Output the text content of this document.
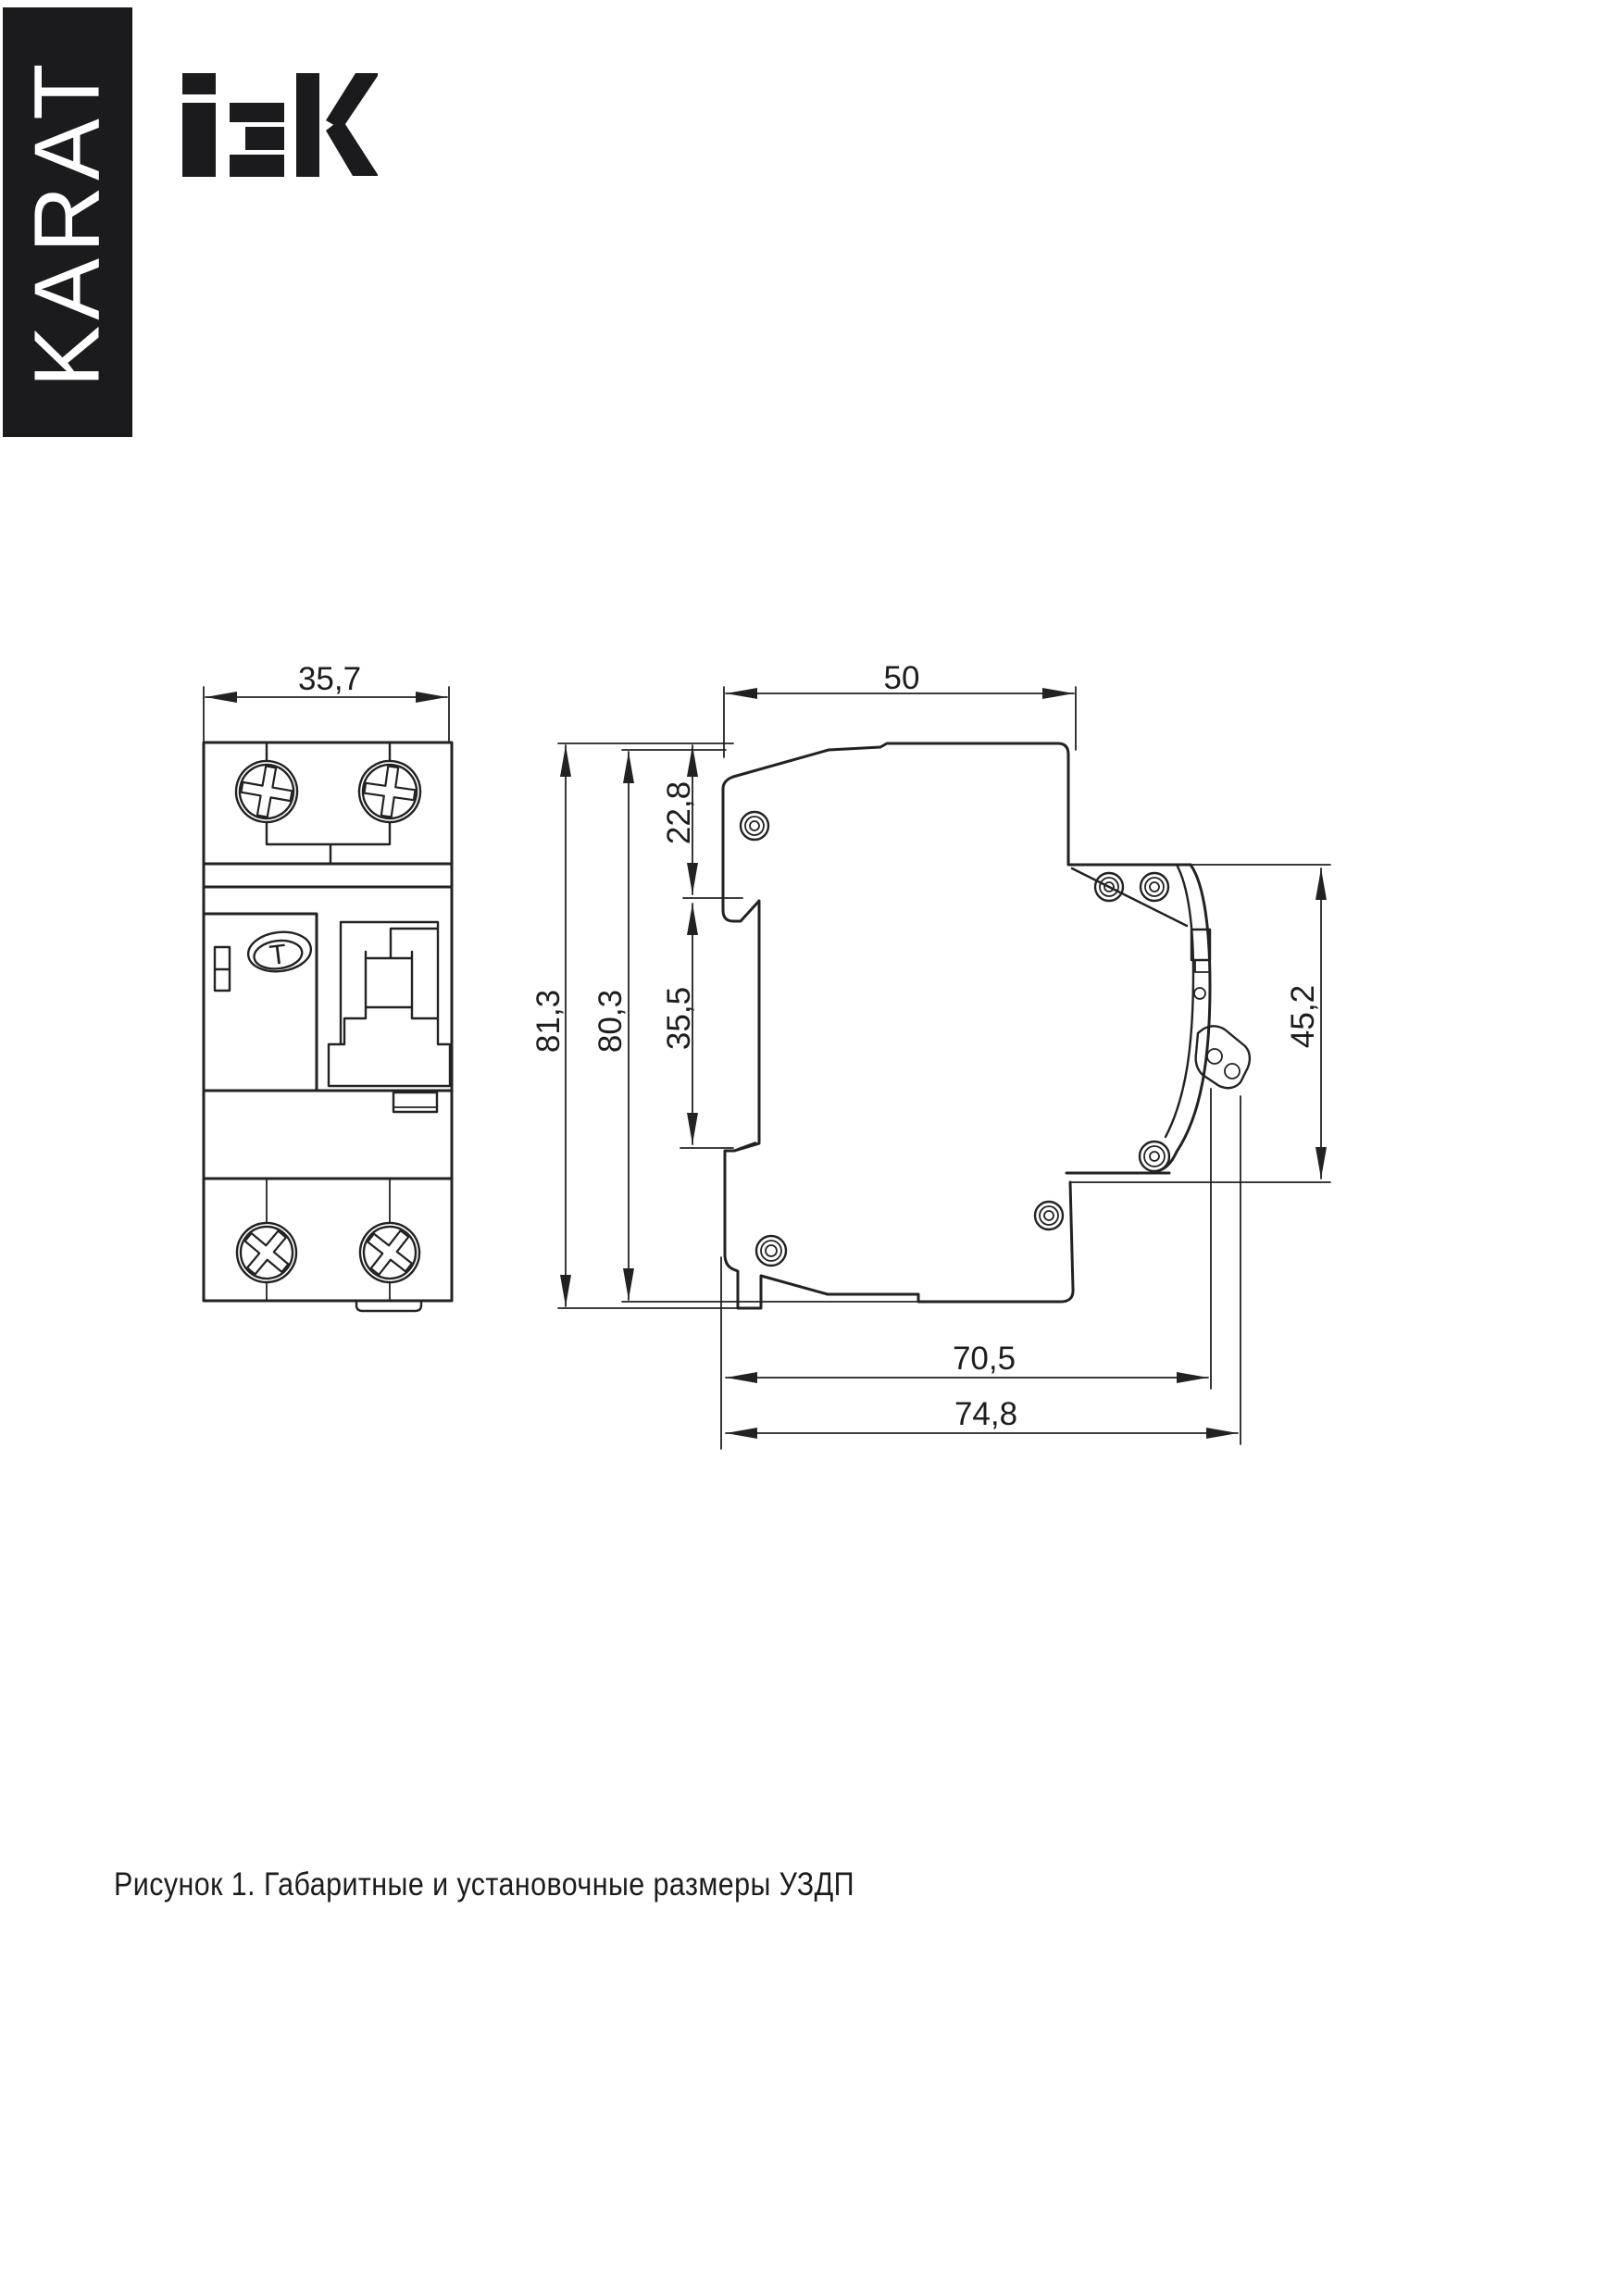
KARAT
T
35,7	50
81,3 80,3
22,8
35,5	45,2
70,5
74,8
Рисунок 1. Габаритные и установочные размеры УЗДП
